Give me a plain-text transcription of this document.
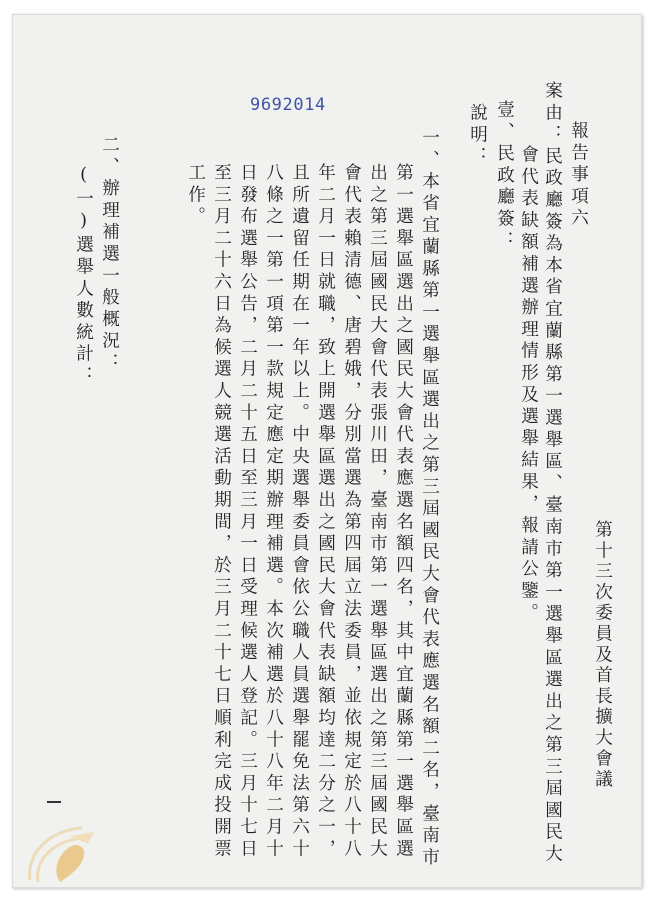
9692014
第十三次委員及首長擴大會議
報告事項六
案由：民政廳簽為本省宜蘭縣第一選舉區、臺南市第一選舉區選出之第三屆國民大
會代表缺額補選辦理情形及選舉結果，報請公鑒。
壹、民政廳簽：
說明：
一、本省宜蘭縣第一選舉區選出之第三屆國民大會代表應選名額二名，臺南市
第一選舉區選出之國民大會代表應選名額四名，其中宜蘭縣第一選舉區選
出之第三屆國民大會代表張川田，臺南市第一選舉區選出之第三屆國民大
會代表賴清德、唐碧娥，分別當選為第四屆立法委員，並依規定於八十八
年二月一日就職，致上開選舉區選出之國民大會代表缺額均達二分之一，
且所遺留任期在一年以上。中央選舉委員會依公職人員選舉罷免法第六十
八條之一第一項第一款規定應定期辦理補選。本次補選於八十八年二月十
日發布選舉公告，二月二十五日至三月一日受理候選人登記。三月十七日
至三月二十六日為候選人競選活動期間，於三月二十七日順利完成投開票
工作。
二、辦理補選一般概況：
(一)選舉人數統計：
